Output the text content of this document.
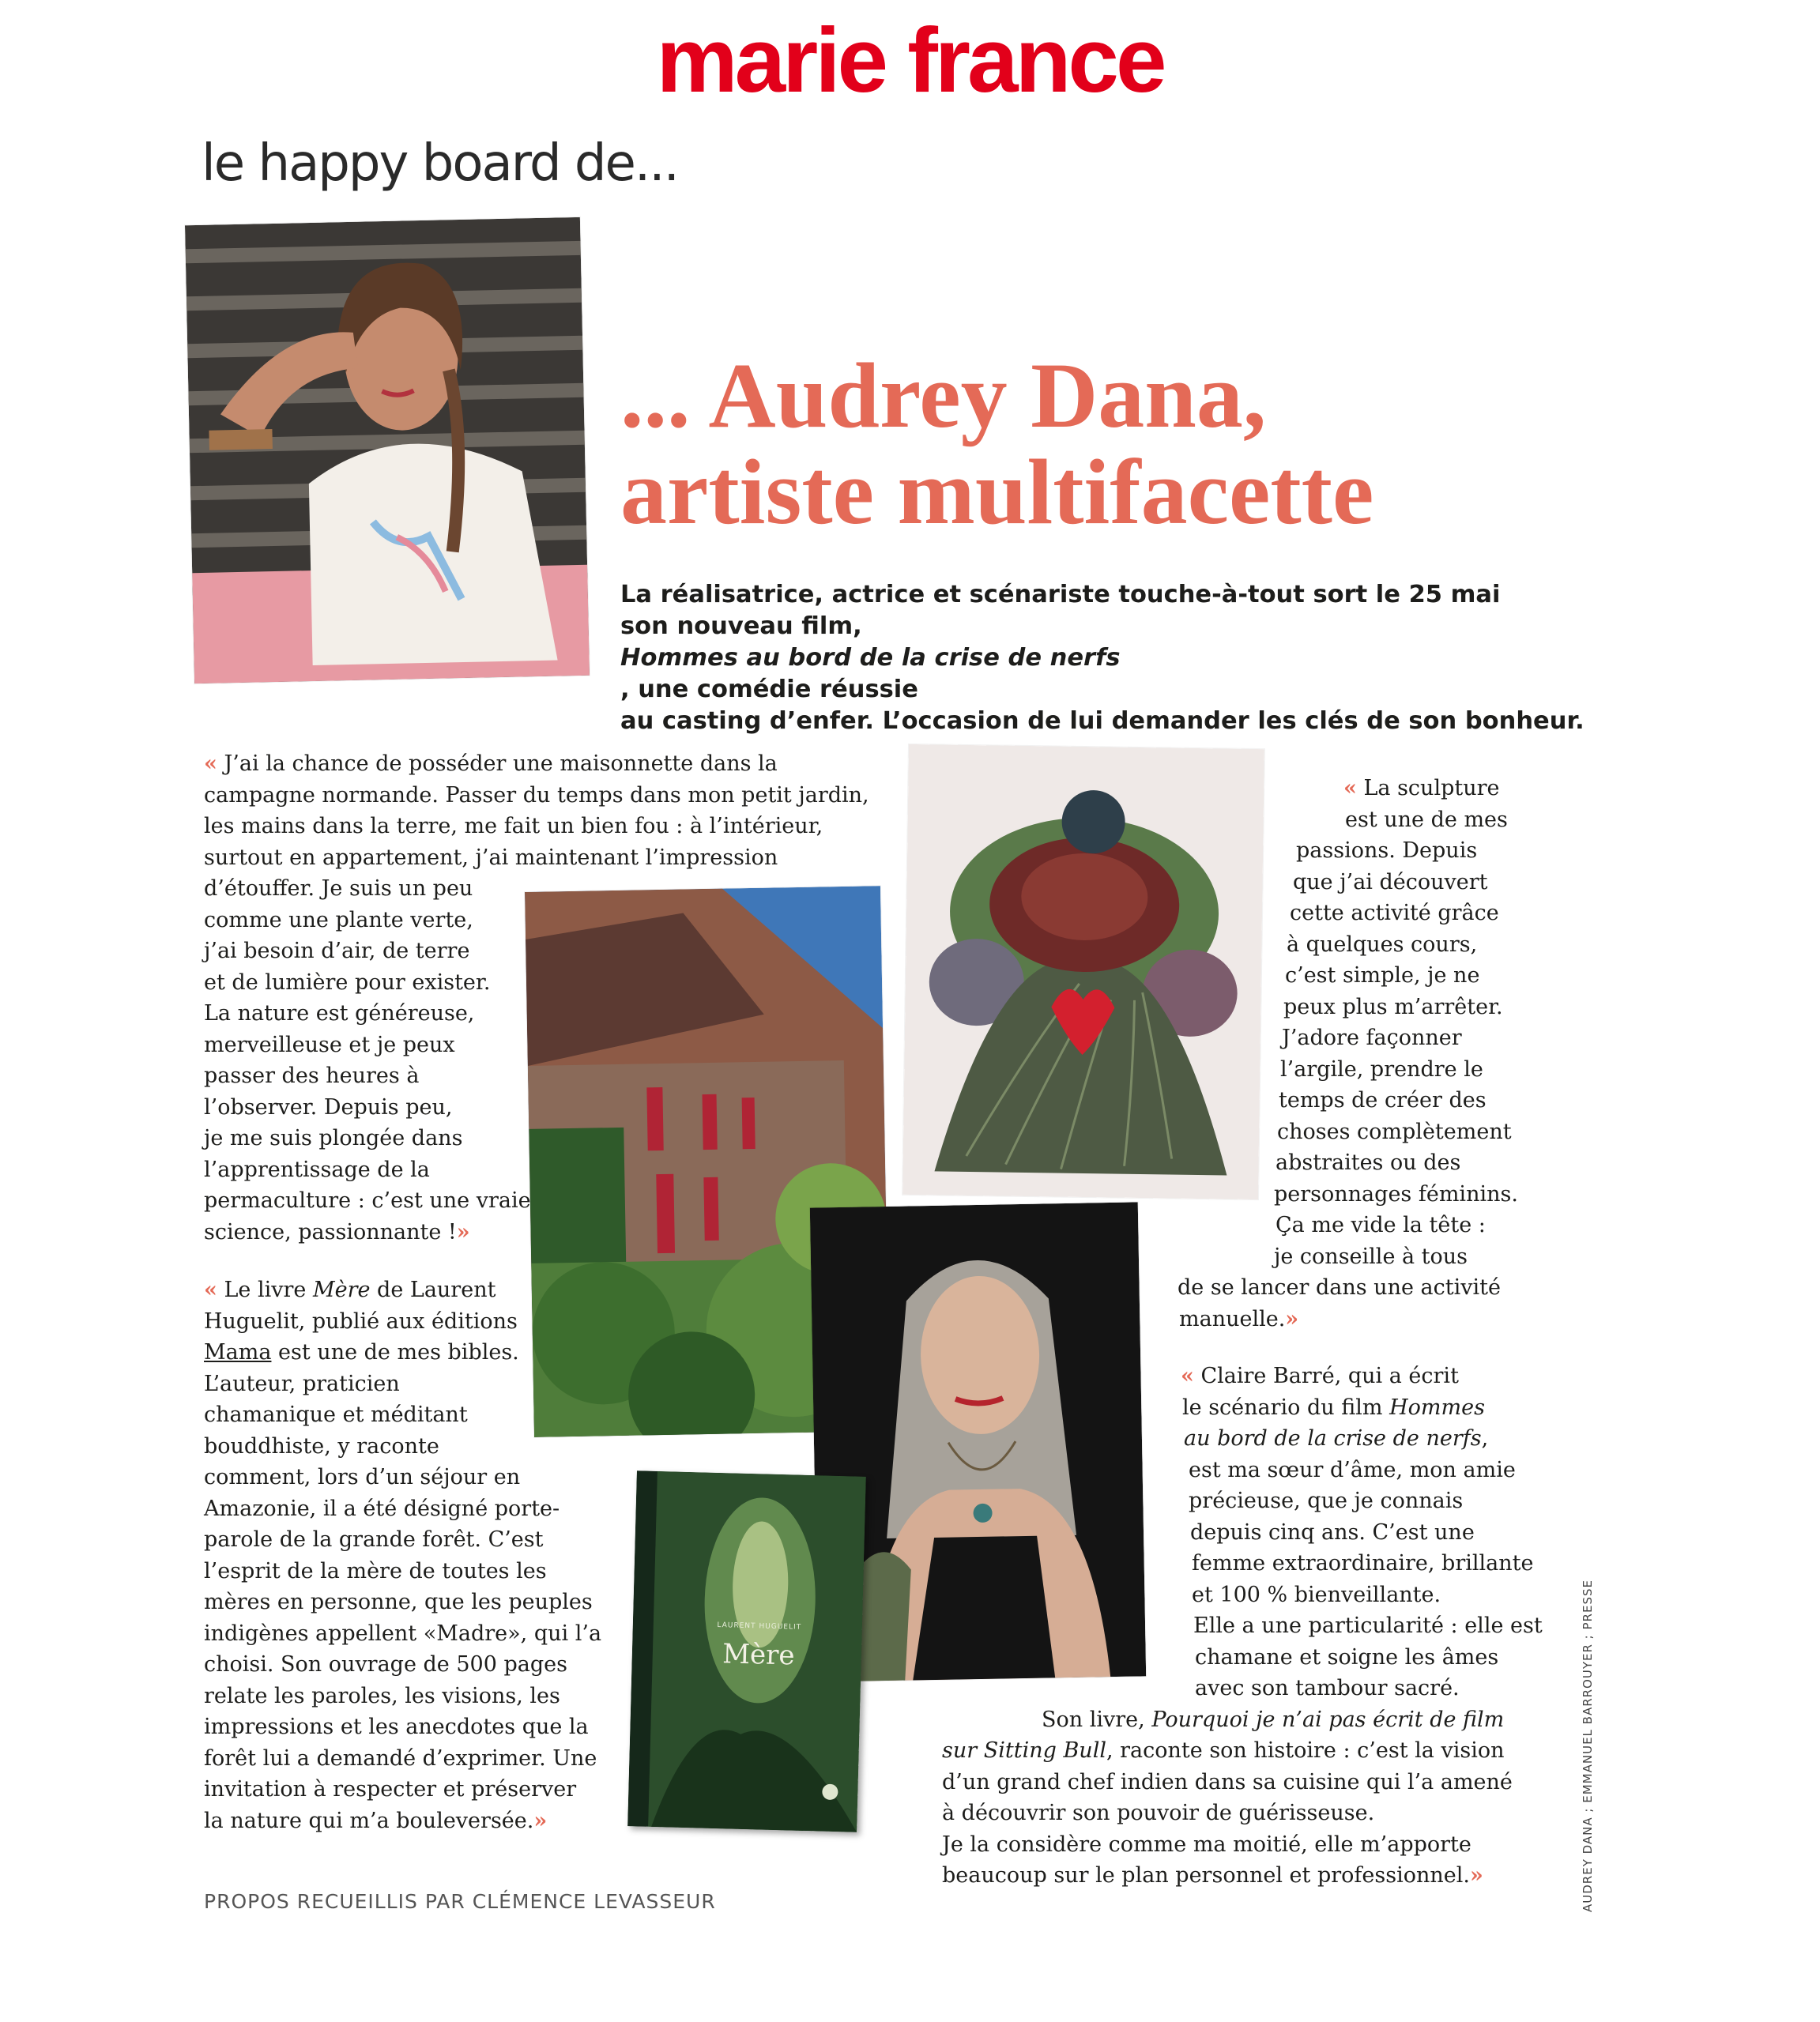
marie france
le happy board de...
... Audrey Dana,
artiste multifacette
La réalisatrice, actrice et scénariste touche-à-tout sort le 25 mai
son nouveau film,
Hommes au bord de la crise de nerfs
, une comédie réussie
au casting d’enfer. L’occasion de lui demander les clés de son bonheur.
LAURENT HUGUELIT
Mère
« J’ai la chance de posséder une maisonnette dans la
campagne normande. Passer du temps dans mon petit jardin,
les mains dans la terre, me fait un bien fou : à l’intérieur,
surtout en appartement, j’ai maintenant l’impression
d’étouffer. Je suis un peu
comme une plante verte,
j’ai besoin d’air, de terre
et de lumière pour exister.
La nature est généreuse,
merveilleuse et je peux
passer des heures à
l’observer. Depuis peu,
je me suis plongée dans
l’apprentissage de la
permaculture : c’est une vraie
science, passionnante !»
« Le livre Mère de Laurent
Huguelit, publié aux éditions
Mama est une de mes bibles.
L’auteur, praticien
chamanique et méditant
bouddhiste, y raconte
comment, lors d’un séjour en
Amazonie, il a été désigné porte-
parole de la grande forêt. C’est
l’esprit de la mère de toutes les
mères en personne, que les peuples
indigènes appellent «Madre», qui l’a
choisi. Son ouvrage de 500 pages
relate les paroles, les visions, les
impressions et les anecdotes que la
forêt lui a demandé d’exprimer. Une
invitation à respecter et préserver
la nature qui m’a bouleversée.»
« La sculpture
est une de mes
passions. Depuis
que j’ai découvert
cette activité grâce
à quelques cours,
c’est simple, je ne
peux plus m’arrêter.
J’adore façonner
l’argile, prendre le
temps de créer des
choses complètement
abstraites ou des
personnages féminins.
Ça me vide la tête :
je conseille à tous
de se lancer dans une activité
manuelle.»
« Claire Barré, qui a écrit
le scénario du film Hommes
au bord de la crise de nerfs,
est ma sœur d’âme, mon amie
précieuse, que je connais
depuis cinq ans. C’est une
femme extraordinaire, brillante
et 100 % bienveillante.
Elle a une particularité : elle est
chamane et soigne les âmes
avec son tambour sacré.
Son livre, Pourquoi je n’ai pas écrit de film
sur Sitting Bull, raconte son histoire : c’est la vision
d’un grand chef indien dans sa cuisine qui l’a amené
à découvrir son pouvoir de guérisseuse.
Je la considère comme ma moitié, elle m’apporte
beaucoup sur le plan personnel et professionnel.»
PROPOS RECUEILLIS PAR CLÉMENCE LEVASSEUR	AUDREY DANA ; EMMANUEL BARROUYER ; PRESSE
